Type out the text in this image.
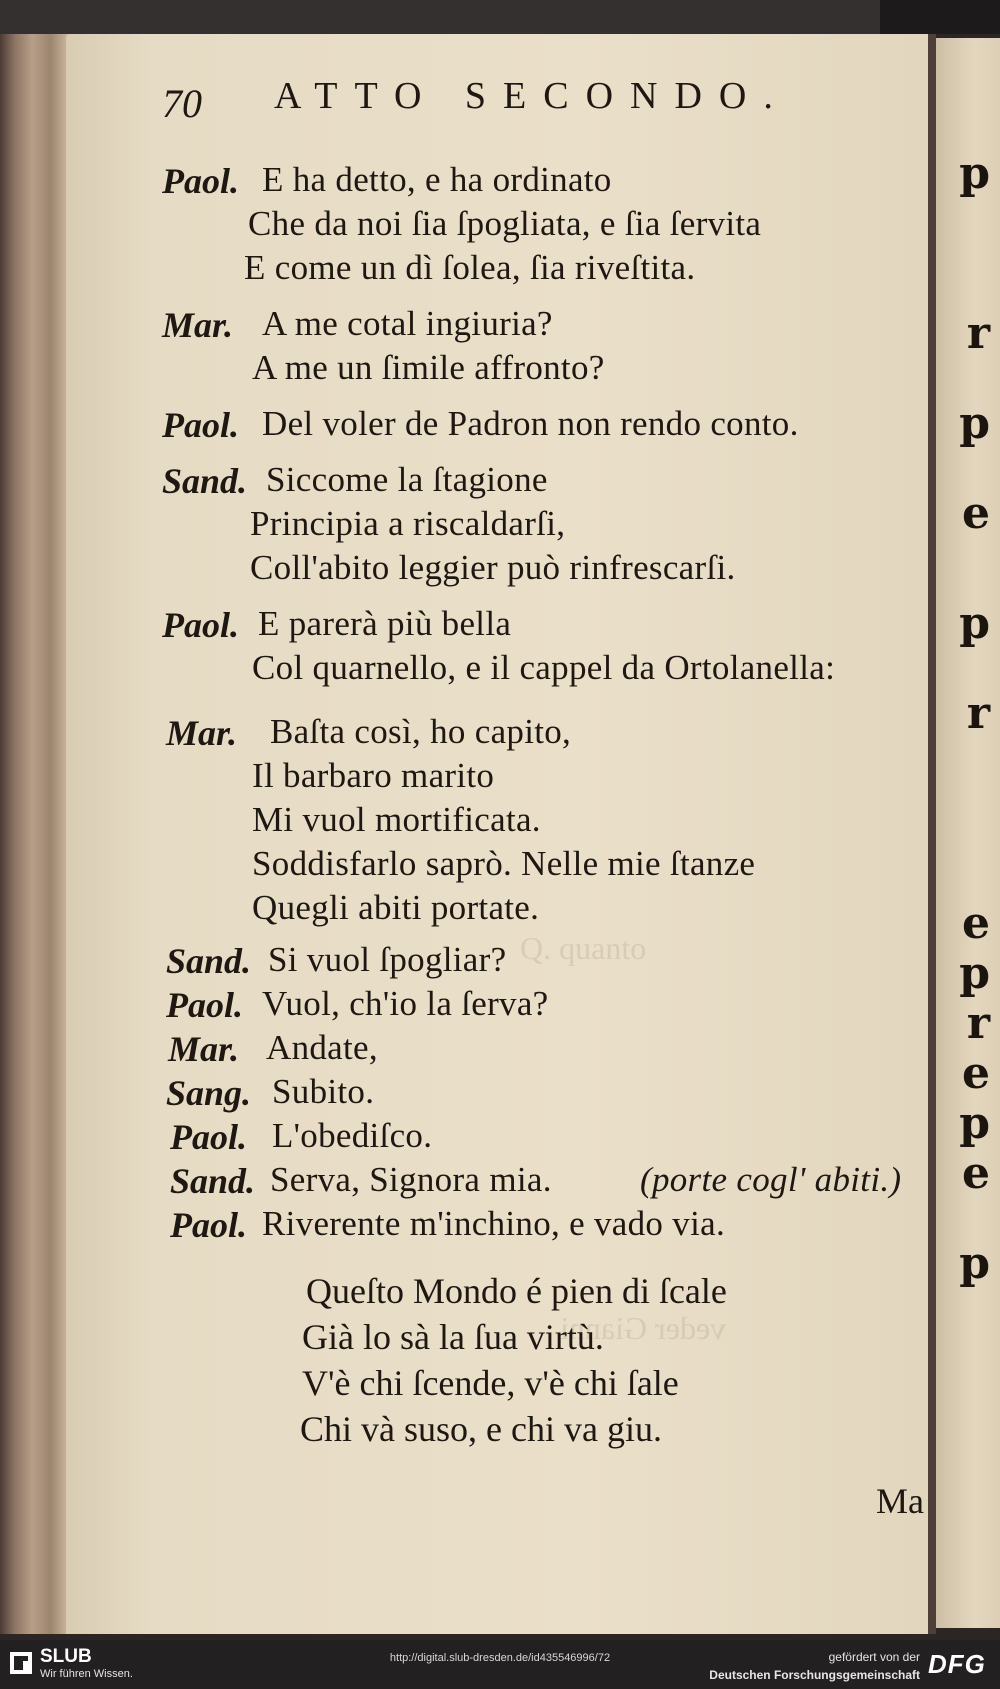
p
r
p
e
p
r
e
p
r
e
p
e
p
Q. quanto
veder Gianni
70 ATTO SECONDO.
Paol. E ha detto, e ha ordinato
Che da noi ſia ſpogliata, e ſia ſervita
E come un dì ſolea, ſia riveſtita.
Mar. A me cotal ingiuria?
A me un ſimile affronto?
Paol. Del voler de Padron non rendo conto.
Sand. Siccome la ſtagione
Principia a riscaldarſi,
Coll'abito leggier può rinfrescarſi.
Paol. E parerà più bella
Col quarnello, e il cappel da Ortolanella:
Mar. Baſta così, ho capito,
Il barbaro marito
Mi vuol mortificata.
Soddisfarlo saprò. Nelle mie ſtanze
Quegli abiti portate.
Sand. Si vuol ſpogliar?
Paol. Vuol, ch'io la ſerva?
Mar. Andate,
Sang. Subito.
Paol. L'obediſco.
Sand. Serva, Signora mia.	(porte cogl' abiti.)
Paol. Riverente m'inchino, e vado via.
Queſto Mondo é pien di ſcale
Già lo sà la ſua virtù.
V'è chi ſcende, v'è chi ſale
Chi và suso, e chi va giu.
Ma
SLUB
Wir führen Wissen.
http://digital.slub-dresden.de/id435546996/72	gefördert von der
Deutschen Forschungsgemeinschaft DFG
